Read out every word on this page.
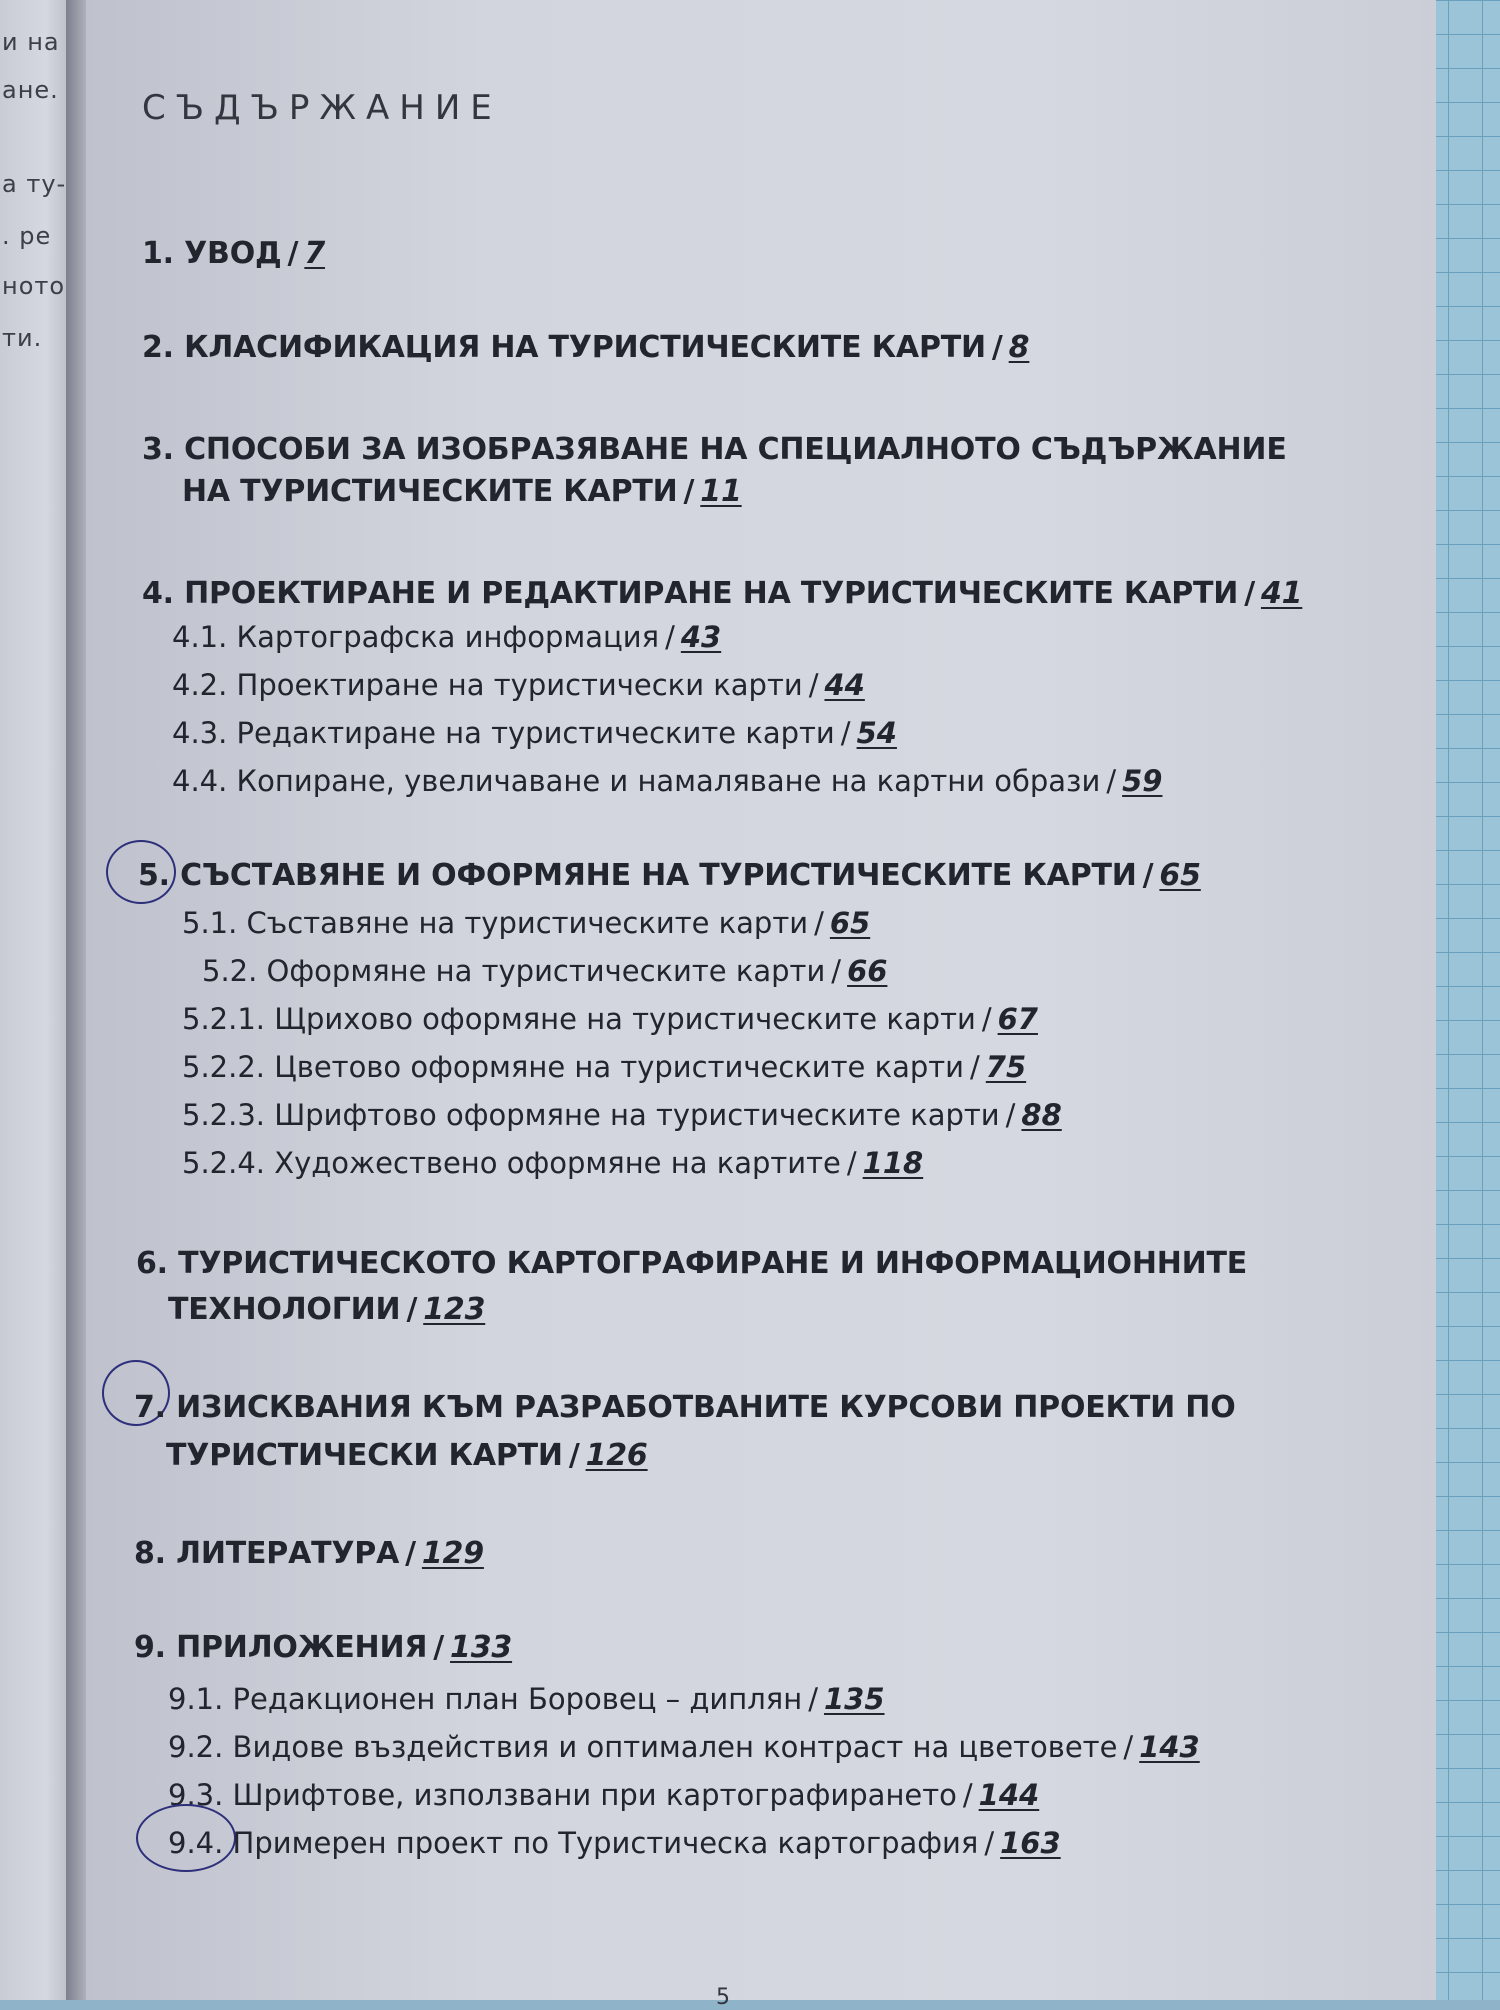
и на
ане.
а ту-
. ре
ното
ти.
СЪДЪРЖАНИЕ
1. УВОД / 7
2. КЛАСИФИКАЦИЯ НА ТУРИСТИЧЕСКИТЕ КАРТИ / 8
3. СПОСОБИ ЗА ИЗОБРАЗЯВАНЕ НА СПЕЦИАЛНОТО СЪДЪРЖАНИЕ
НА ТУРИСТИЧЕСКИТЕ КАРТИ / 11
4. ПРОЕКТИРАНЕ И РЕДАКТИРАНЕ НА ТУРИСТИЧЕСКИТЕ КАРТИ / 41
4.1. Картографска информация / 43
4.2. Проектиране на туристически карти / 44
4.3. Редактиране на туристическите карти / 54
4.4. Копиране, увеличаване и намаляване на картни образи / 59
5. СЪСТАВЯНЕ И ОФОРМЯНЕ НА ТУРИСТИЧЕСКИТЕ КАРТИ / 65
5.1. Съставяне на туристическите карти / 65
5.2. Оформяне на туристическите карти / 66
5.2.1. Щрихово оформяне на туристическите карти / 67
5.2.2. Цветово оформяне на туристическите карти / 75
5.2.3. Шрифтово оформяне на туристическите карти / 88
5.2.4. Художествено оформяне на картите / 118
6. ТУРИСТИЧЕСКОТО КАРТОГРАФИРАНЕ И ИНФОРМАЦИОННИТЕ
ТЕХНОЛОГИИ / 123
7. ИЗИСКВАНИЯ КЪМ РАЗРАБОТВАНИТЕ КУРСОВИ ПРОЕКТИ ПО
ТУРИСТИЧЕСКИ КАРТИ / 126
8. ЛИТЕРАТУРА / 129
9. ПРИЛОЖЕНИЯ / 133
9.1. Редакционен план Боровец – диплян / 135
9.2. Видове въздействия и оптимален контраст на цветовете / 143
9.3. Шрифтове, използвани при картографирането / 144
9.4. Примерен проект по Туристическа картография / 163
5
